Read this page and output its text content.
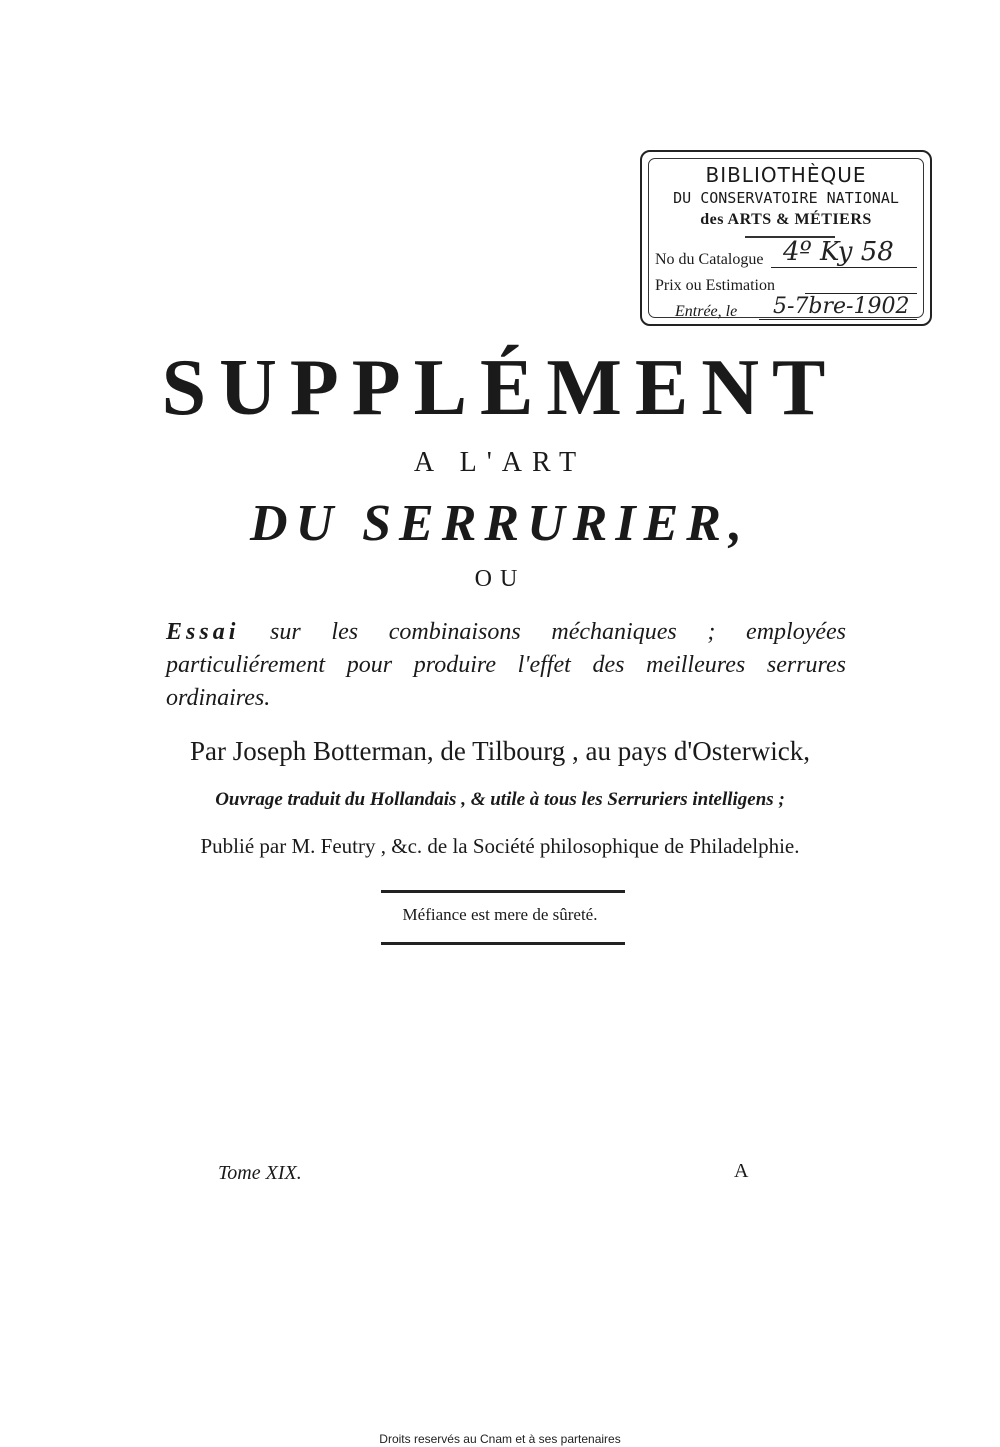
BIBLIOTHÈQUE
DU CONSERVATOIRE NATIONAL
des ARTS & MÉTIERS
No du Catalogue 4º Ky 58
Prix ou Estimation
Entrée, le 5-7bre-1902
SUPPLÉMENT
A L'ART
DU SERRURIER,
OU
Essai sur les combinaisons méchaniques ; employées particuliérement pour produire l'effet des meilleures serrures ordinaires.
Par Joseph Botterman, de Tilbourg , au pays d'Osterwick,
Ouvrage traduit du Hollandais , & utile à tous les Serruriers intelligens ;
Publié par M. Feutry , &c. de la Société philosophique de Philadelphie.
Méfiance est mere de sûreté.
Tome XIX.	A
Droits reservés au Cnam et à ses partenaires
